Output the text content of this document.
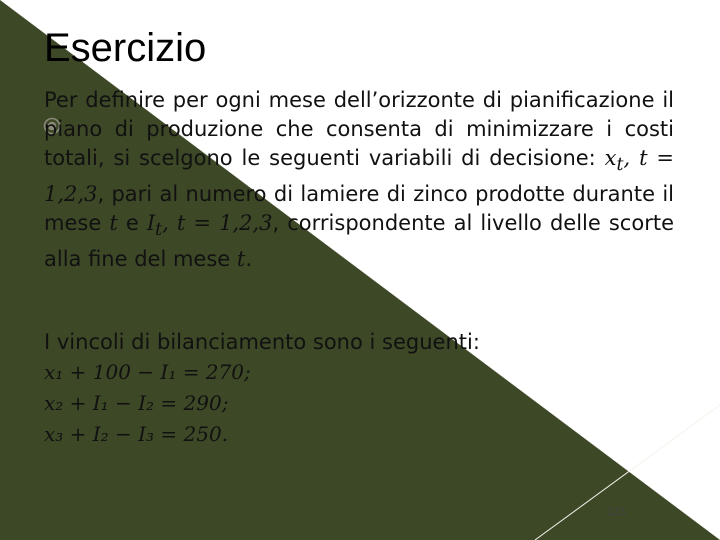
Esercizio

Per definire per ogni mese dell’orizzonte di pianificazione il piano di produzione che consenta di minimizzare i costi totali, si scelgono le seguenti variabili di decisione: $x_t$, t = 1,2,3, pari al numero di lamiere di zinco prodotte durante il mese t e $I_t$, t = 1,2,3, corrispondente al livello delle scorte alla fine del mese t.

I vincoli di bilanciamento sono i seguenti:
x₁ + 100 − I₁ = 270;
x₂ + I₁ − I₂ = 290;
x₃ + I₂ − I₃ = 250.
123
